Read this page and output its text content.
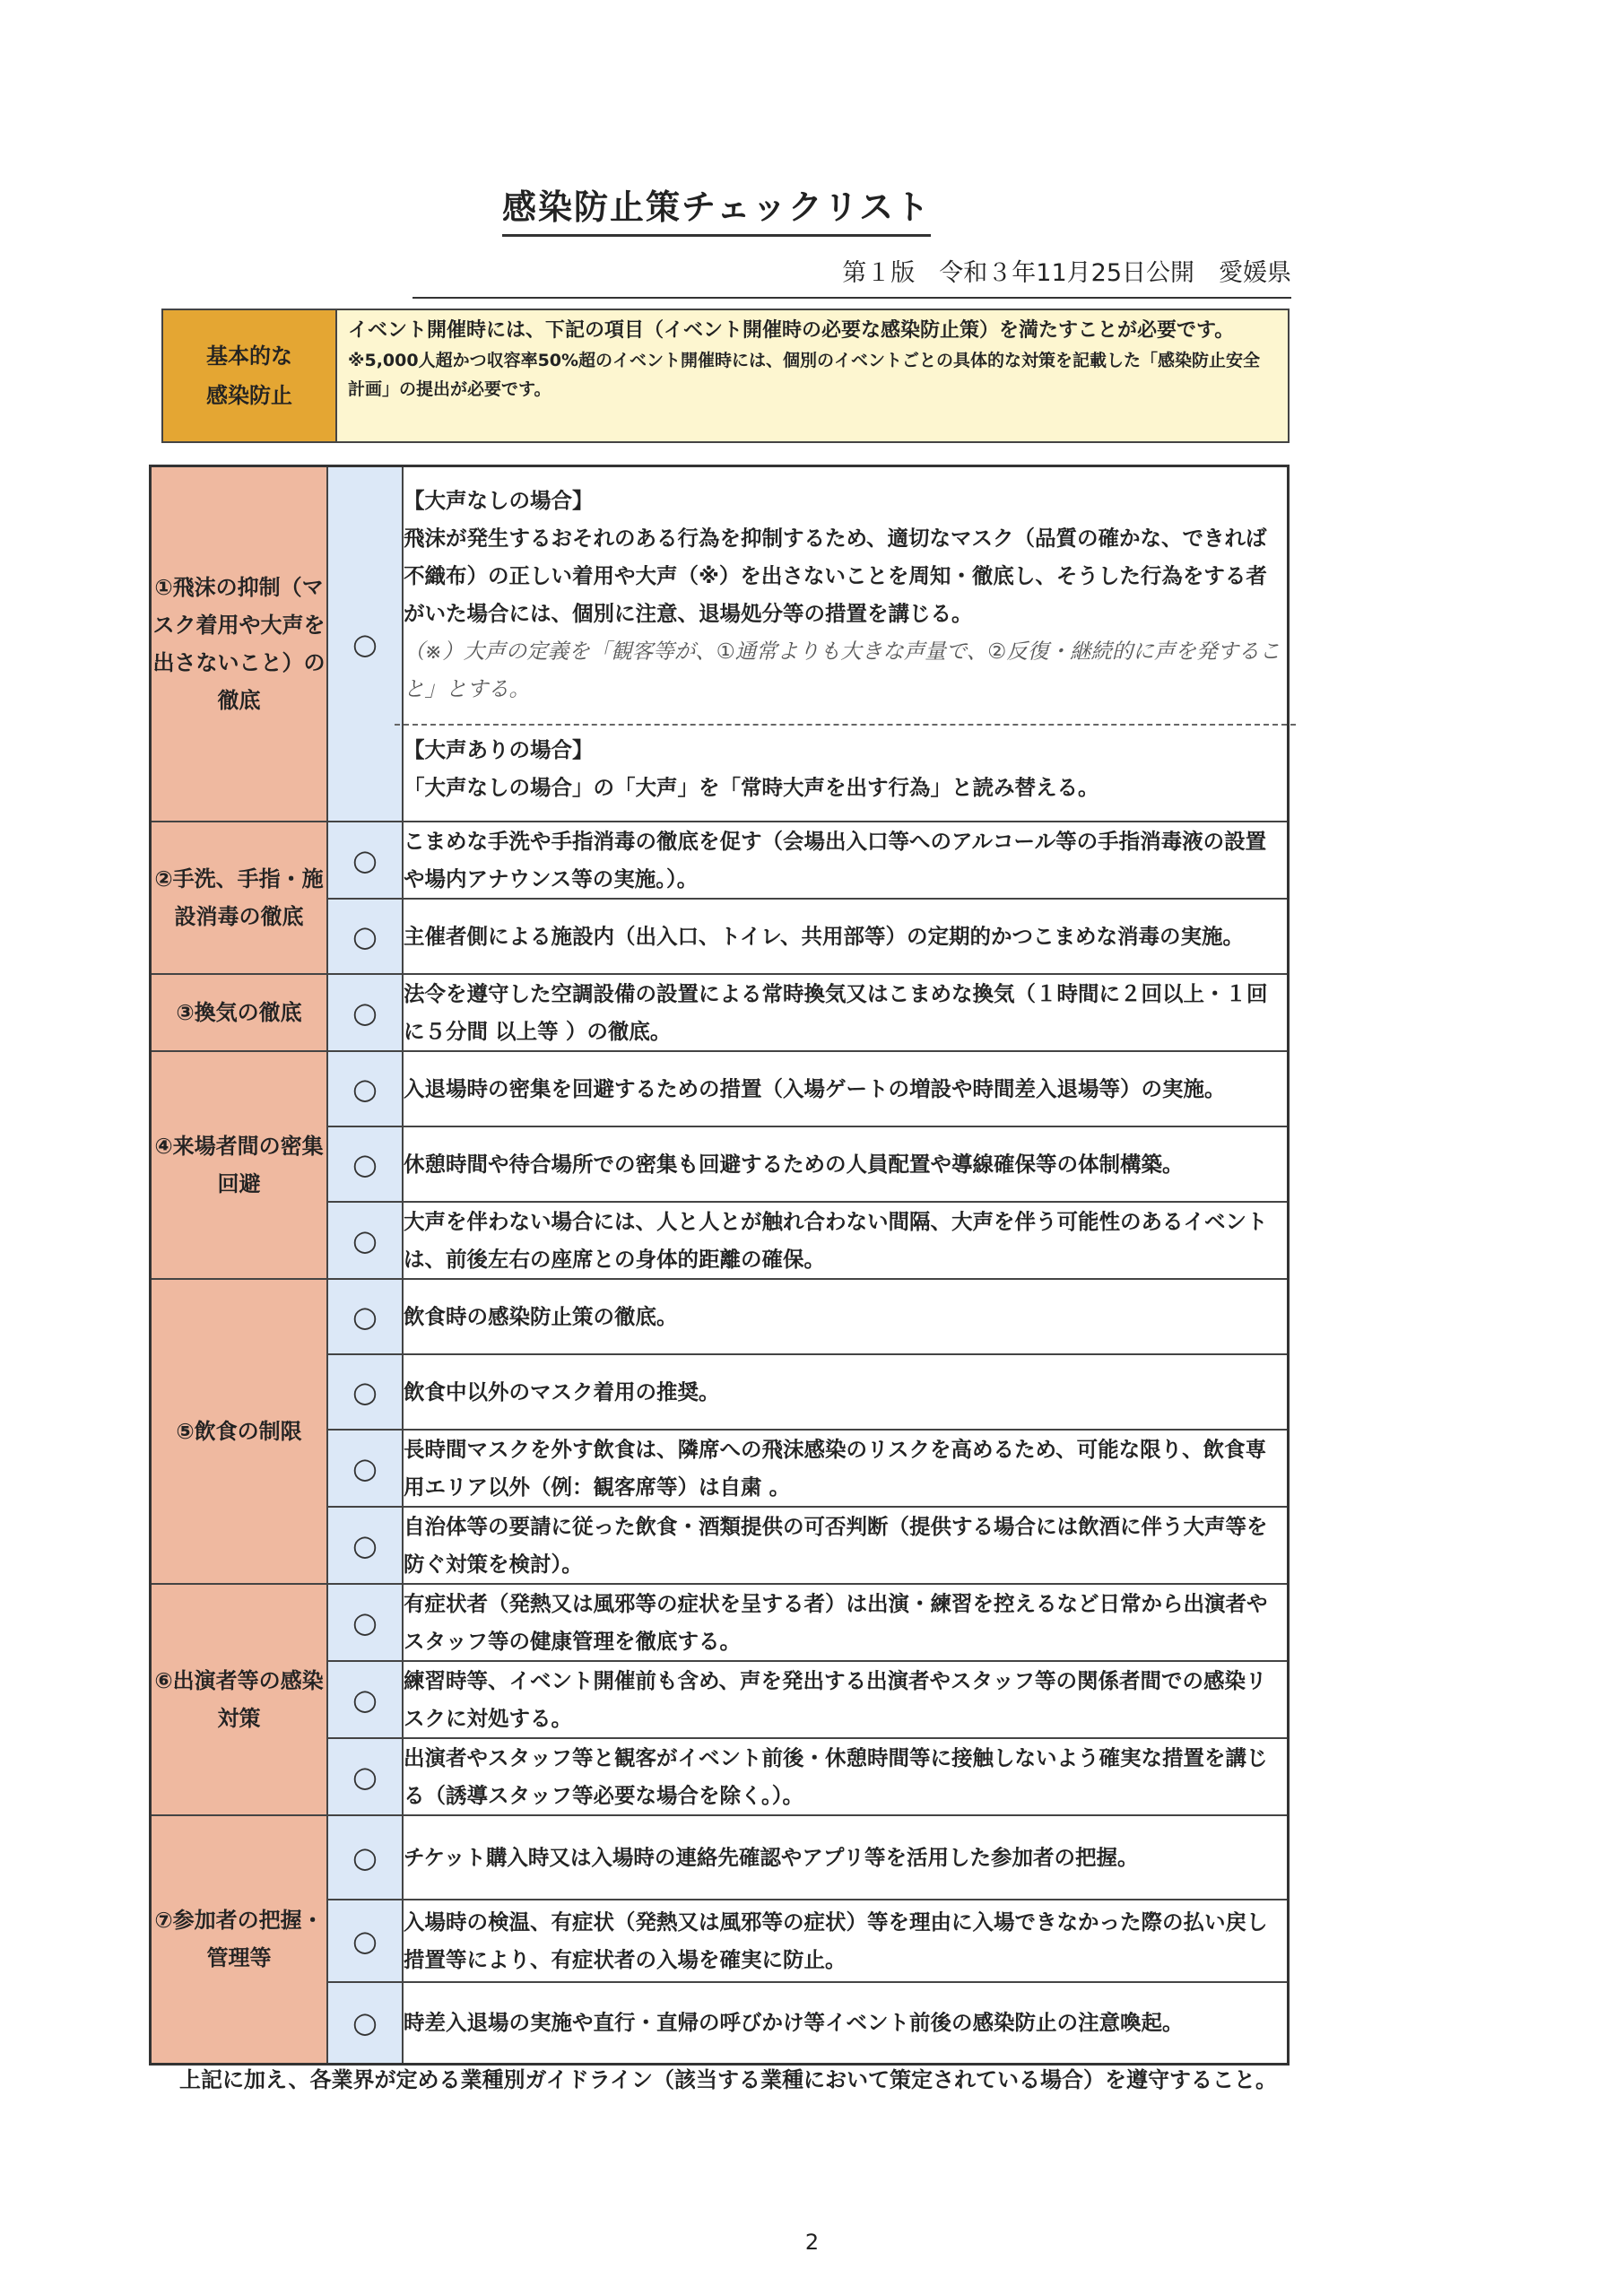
感染防止策チェックリスト
第１版　令和３年11月25日公開　愛媛県
基本的な
感染防止
イベント開催時には、下記の項目（イベント開催時の必要な感染防止策）を満たすことが必要です。
※5,000人超かつ収容率50%超のイベント開催時には、個別のイベントごとの具体的な対策を記載した「感染防止安全計画」の提出が必要です。
①飛沫の抑制（マスク着用や大声を出さないこと）の徹底	○	【大声なしの場合】
飛沫が発生するおそれのある行為を抑制するため、適切なマスク（品質の確かな、できれば不織布）の正しい着用や大声（※）を出さないことを周知・徹底し、そうした行為をする者がいた場合には、個別に注意、退場処分等の措置を講じる。
（※）大声の定義を「観客等が、①通常よりも大きな声量で、②反復・継続的に声を発すること」とする。
【大声ありの場合】
「大声なしの場合」の「大声」を「常時大声を出す行為」と読み替える。

②手洗、手指・施設消毒の徹底	○	こまめな手洗や手指消毒の徹底を促す（会場出入口等へのアルコール等の手指消毒液の設置や場内アナウンス等の実施。）。
	○	主催者側による施設内（出入口、トイレ、共用部等）の定期的かつこまめな消毒の実施。
③換気の徹底	○	法令を遵守した空調設備の設置による常時換気又はこまめな換気（１時間に２回以上・１回に５分間 以上等 ）の徹底。
④来場者間の密集回避	○	入退場時の密集を回避するための措置（入場ゲートの増設や時間差入退場等）の実施。
	○	休憩時間や待合場所での密集も回避するための人員配置や導線確保等の体制構築。
	○	大声を伴わない場合には、人と人とが触れ合わない間隔、大声を伴う可能性のあるイベントは、前後左右の座席との身体的距離の確保。
⑤飲食の制限	○	飲食時の感染防止策の徹底。
	○	飲食中以外のマスク着用の推奨。
	○	長時間マスクを外す飲食は、隣席への飛沫感染のリスクを高めるため、可能な限り、飲食専用エリア以外（例：観客席等）は自粛 。
	○	自治体等の要請に従った飲食・酒類提供の可否判断（提供する場合には飲酒に伴う大声等を防ぐ対策を検討）。
⑥出演者等の感染対策	○	有症状者（発熱又は風邪等の症状を呈する者）は出演・練習を控えるなど日常から出演者やスタッフ等の健康管理を徹底する。
	○	練習時等、イベント開催前も含め、声を発出する出演者やスタッフ等の関係者間での感染リスクに対処する。
	○	出演者やスタッフ等と観客がイベント前後・休憩時間等に接触しないよう確実な措置を講じる（誘導スタッフ等必要な場合を除く。）。
⑦参加者の把握・管理等	○	チケット購入時又は入場時の連絡先確認やアプリ等を活用した参加者の把握。
	○	入場時の検温、有症状（発熱又は風邪等の症状）等を理由に入場できなかった際の払い戻し措置等により、有症状者の入場を確実に防止。
	○	時差入退場の実施や直行・直帰の呼びかけ等イベント前後の感染防止の注意喚起。
上記に加え、各業界が定める業種別ガイドライン（該当する業種において策定されている場合）を遵守すること。
2
